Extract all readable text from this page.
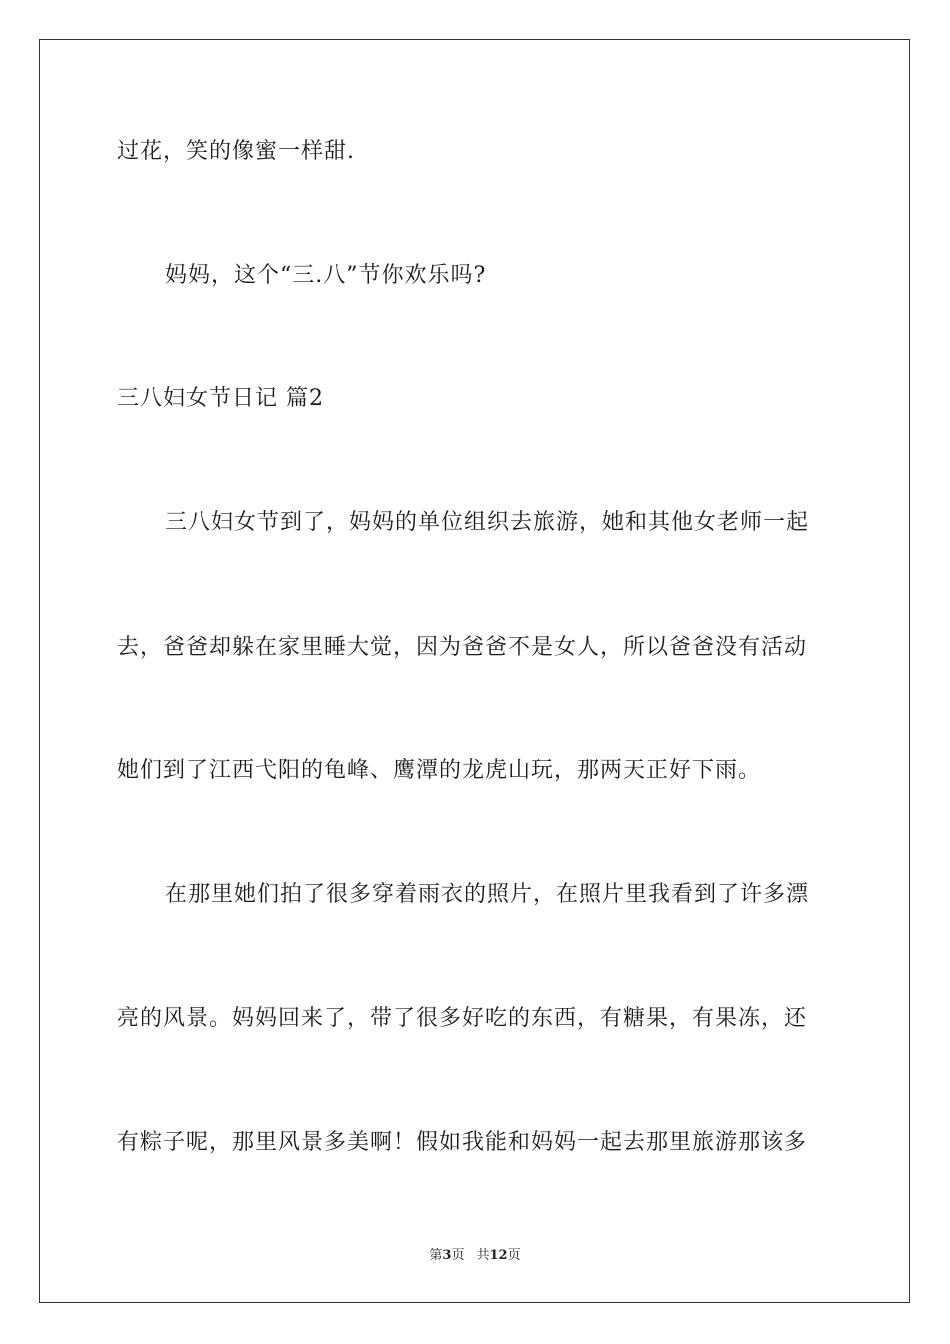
过花，笑的像蜜一样甜.
妈妈，这个“三.八”节你欢乐吗?
三八妇女节日记 篇2
三八妇女节到了，妈妈的单位组织去旅游，她和其他女老师一起
去，爸爸却躲在家里睡大觉，因为爸爸不是女人，所以爸爸没有活动
她们到了江西弋阳的龟峰、鹰潭的龙虎山玩，那两天正好下雨。
在那里她们拍了很多穿着雨衣的照片，在照片里我看到了许多漂
亮的风景。妈妈回来了，带了很多好吃的东西，有糖果，有果冻，还
有粽子呢，那里风景多美啊！假如我能和妈妈一起去那里旅游那该多
第3页 共12页
